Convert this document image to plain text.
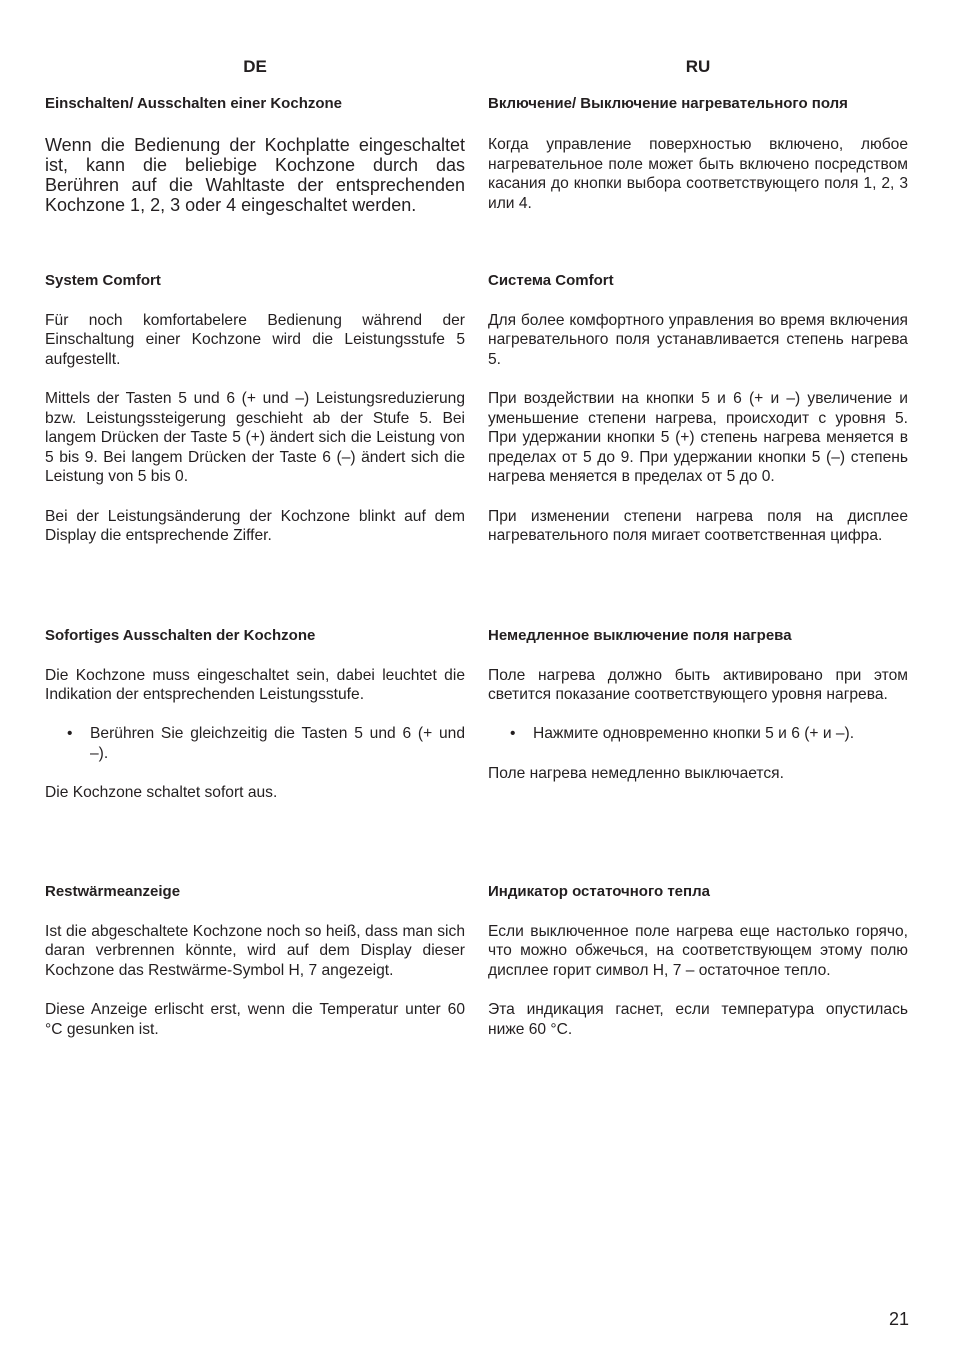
DE

Einschalten/ Ausschalten einer Kochzone

Wenn die Bedienung der Kochplatte eingeschaltet ist, kann die beliebige Kochzone durch das Berühren auf die Wahltaste der entsprechenden Kochzone 1, 2, 3 oder 4 eingeschaltet werden.

System Comfort

Für noch komfortabelere Bedienung während der Einschaltung einer Kochzone wird die Leistungsstufe 5 aufgestellt.

Mittels der Tasten 5 und 6 (+ und –) Leistungsreduzierung bzw. Leistungssteigerung geschieht ab der Stufe 5. Bei langem Drücken der Taste 5 (+) ändert sich die Leistung von 5 bis 9. Bei langem Drücken der Taste 6 (–) ändert sich die Leistung von 5 bis 0.

Bei der Leistungsänderung der Kochzone blinkt auf dem Display die entsprechende Ziffer.

Sofortiges Ausschalten der Kochzone

Die Kochzone muss eingeschaltet sein, dabei leuchtet die Indikation der entsprechenden Leistungsstufe.

• Berühren Sie gleichzeitig die Tasten 5 und 6 (+ und –).

Die Kochzone schaltet sofort aus.

Restwärmeanzeige

Ist die abgeschaltete Kochzone noch so heiß, dass man sich daran verbrennen könnte, wird auf dem Display dieser Kochzone das Restwärme-Symbol H, 7 angezeigt.

Diese Anzeige erlischt erst, wenn die Temperatur unter 60 °C gesunken ist.

RU

Включение/ Выключение нагревательного поля

Когда управление поверхностью включено, любое нагревательное поле может быть включено посредством касания до кнопки выбора соответствующего поля 1, 2, 3 или 4.

Система Comfort

Для более комфортного управления во время включения нагревательного поля устанавливается степень нагрева 5.

При воздействии на кнопки 5 и 6 (+ и –) увеличение и уменьшение степени нагрева, происходит с уровня 5. При удержании кнопки 5 (+) степень нагрева меняется в пределах от 5 до 9. При удержании кнопки 5 (–) степень нагрева меняется в пределах от 5 до 0.

При изменении степени нагрева поля на дисплее нагревательного поля мигает соответственная цифра.

Немедленное выключение поля нагрева

Поле нагрева должно быть активировано при этом светится показание соответствующего уровня нагрева.

• Нажмите одновременно кнопки 5 и 6 (+ и –).

Поле нагрева немедленно выключается.

Индикатор остаточного тепла

Если выключенное поле нагрева еще настолько горячо, что можно обжечься, на соответствующем этому полю дисплее горит символ H, 7 – остаточное тепло.

Эта индикация гаснет, если температура опустилась ниже 60 °С.

21
